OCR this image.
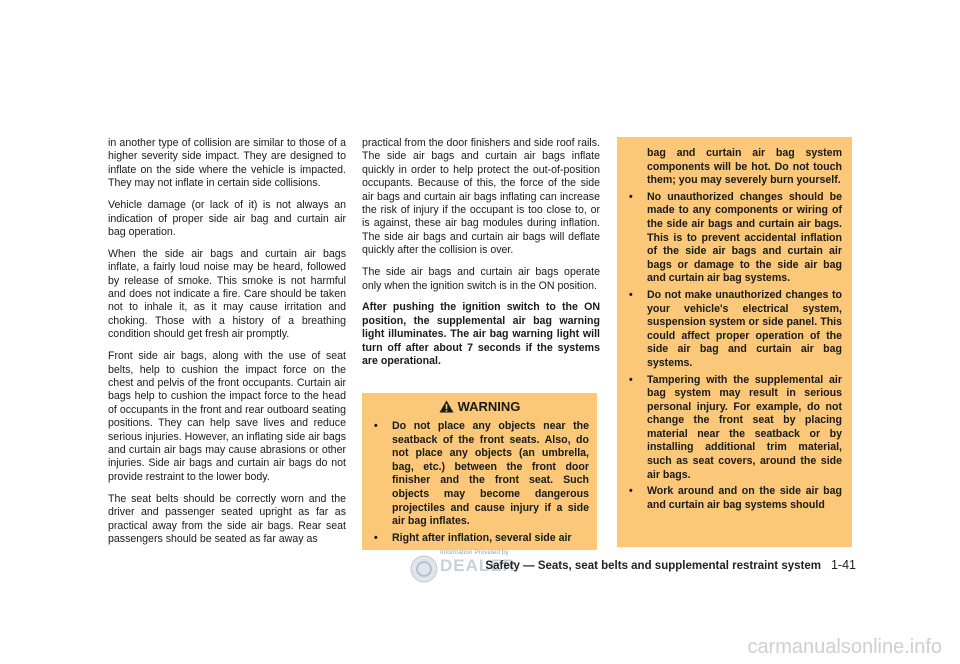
in another type of collision are similar to those of a higher severity side impact. They are designed to inflate on the side where the vehicle is impacted. They may not inflate in certain side collisions.

Vehicle damage (or lack of it) is not always an indication of proper side air bag and curtain air bag operation.

When the side air bags and curtain air bags inflate, a fairly loud noise may be heard, followed by release of smoke. This smoke is not harmful and does not indicate a fire. Care should be taken not to inhale it, as it may cause irritation and choking. Those with a history of a breathing condition should get fresh air promptly.

Front side air bags, along with the use of seat belts, help to cushion the impact force on the chest and pelvis of the front occupants. Curtain air bags help to cushion the impact force to the head of occupants in the front and rear outboard seating positions. They can help save lives and reduce serious injuries. However, an inflating side air bags and curtain air bags may cause abrasions or other injuries. Side air bags and curtain air bags do not provide restraint to the lower body.

The seat belts should be correctly worn and the driver and passenger seated upright as far as practical away from the side air bags. Rear seat passengers should be seated as far away as

practical from the door finishers and side roof rails. The side air bags and curtain air bags inflate quickly in order to help protect the out-of-position occupants. Because of this, the force of the side air bags and curtain air bags inflating can increase the risk of injury if the occupant is too close to, or is against, these air bag modules during inflation. The side air bags and curtain air bags will deflate quickly after the collision is over.

The side air bags and curtain air bags operate only when the ignition switch is in the ON position.

After pushing the ignition switch to the ON position, the supplemental air bag warning light illuminates. The air bag warning light will turn off after about 7 seconds if the systems are operational.

WARNING
•	Do not place any objects near the seatback of the front seats. Also, do not place any objects (an umbrella, bag, etc.) between the front door finisher and the front seat. Such objects may become dangerous projectiles and cause injury if a side air bag inflates.
•	Right after inflation, several side air
bag and curtain air bag system components will be hot. Do not touch them; you may severely burn yourself.
•	No unauthorized changes should be made to any components or wiring of the side air bags and curtain air bags. This is to prevent accidental inflation of the side air bags and curtain air bags or damage to the side air bag and curtain air bag systems.
•	Do not make unauthorized changes to your vehicle's electrical system, suspension system or side panel. This could affect proper operation of the side air bag and curtain air bag systems.
•	Tampering with the supplemental air bag system may result in serious personal injury. For example, do not change the front seat by placing material near the seatback or by installing additional trim material, such as seat covers, around the side air bags.
•	Work around and on the side air bag and curtain air bag systems should
Information Provided by
DEALER
Safety — Seats, seat belts and supplemental restraint system 1-41
carmanualsonline.info
